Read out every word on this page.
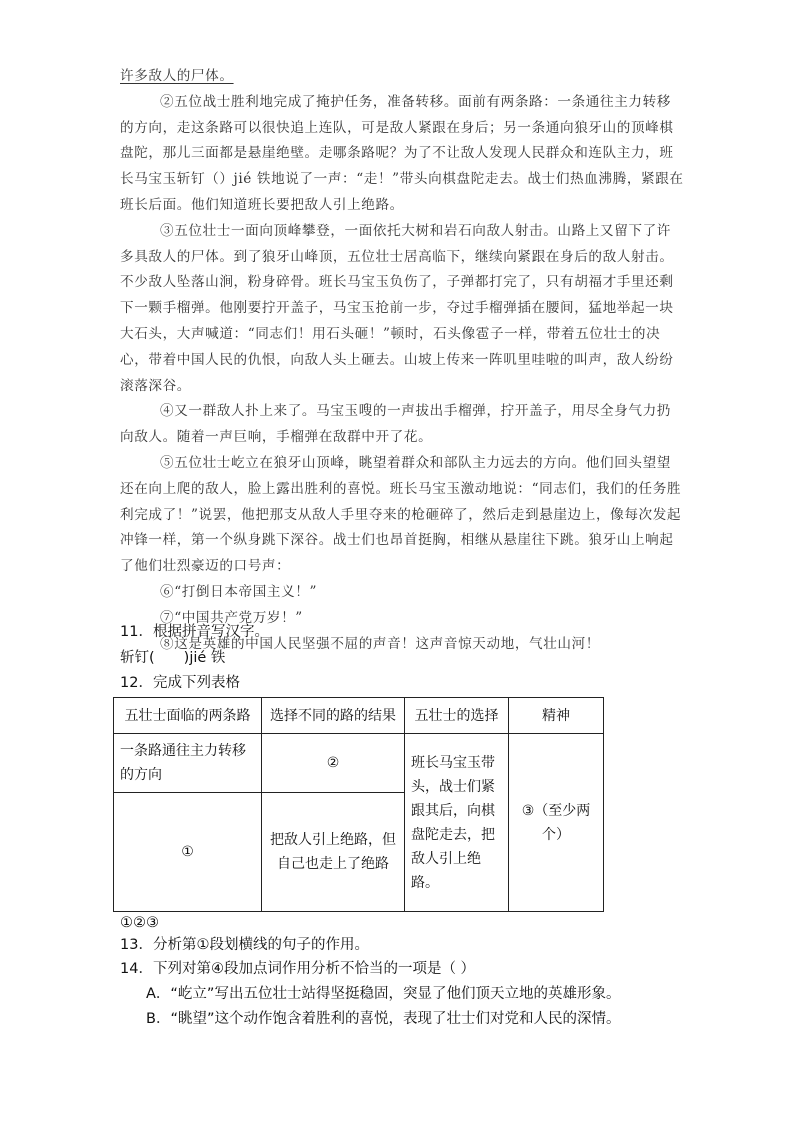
许多敌人的尸体。

②五位战士胜利地完成了掩护任务，准备转移。面前有两条路：一条通往主力转移的方向，走这条路可以很快追上连队，可是敌人紧跟在身后；另一条通向狼牙山的顶峰棋盘陀，那儿三面都是悬崖绝壁。走哪条路呢？为了不让敌人发现人民群众和连队主力，班长马宝玉斩钉（）jié 铁地说了一声：“走！”带头向棋盘陀走去。战士们热血沸腾，紧跟在班长后面。他们知道班长要把敌人引上绝路。

③五位壮士一面向顶峰攀登，一面依托大树和岩石向敌人射击。山路上又留下了许多具敌人的尸体。到了狼牙山峰顶，五位壮士居高临下，继续向紧跟在身后的敌人射击。不少敌人坠落山涧，粉身碎骨。班长马宝玉负伤了，子弹都打完了，只有胡福才手里还剩下一颗手榴弹。他刚要拧开盖子，马宝玉抢前一步，夺过手榴弹插在腰间，猛地举起一块大石头，大声喊道：“同志们！用石头砸！”顿时，石头像雹子一样，带着五位壮士的决心，带着中国人民的仇恨，向敌人头上砸去。山坡上传来一阵叽里哇啦的叫声，敌人纷纷滚落深谷。

④又一群敌人扑上来了。马宝玉嗖的一声拔出手榴弹，拧开盖子，用尽全身气力扔向敌人。随着一声巨响，手榴弹在敌群中开了花。

⑤五位壮士屹立在狼牙山顶峰，眺望着群众和部队主力远去的方向。他们回头望望还在向上爬的敌人，脸上露出胜利的喜悦。班长马宝玉激动地说：“同志们，我们的任务胜利完成了！”说罢，他把那支从敌人手里夺来的枪砸碎了，然后走到悬崖边上，像每次发起冲锋一样，第一个纵身跳下深谷。战士们也昂首挺胸，相继从悬崖往下跳。狼牙山上响起了他们壮烈豪迈的口号声：

⑥“打倒日本帝国主义！”

⑦“中国共产党万岁！”

⑧这是英雄的中国人民坚强不屈的声音！这声音惊天动地，气壮山河！

11．根据拼音写汉字。
斩钉(　　)jié 铁
12．完成下列表格
五壮士面临的两条路	选择不同的路的结果	五壮士的选择	精神
一条路通往主力转移的方向	②	班长马宝玉带头，战士们紧跟其后，向棋盘陀走去，把敌人引上绝路。	③（至少两个）
①	把敌人引上绝路，但自己也走上了绝路		
①②③
13．分析第①段划横线的句子的作用。
14．下列对第④段加点词作用分析不恰当的一项是（ ）
A．“屹立”写出五位壮士站得坚挺稳固，突显了他们顶天立地的英雄形象。
B．“眺望”这个动作饱含着胜利的喜悦，表现了壮士们对党和人民的深情。
